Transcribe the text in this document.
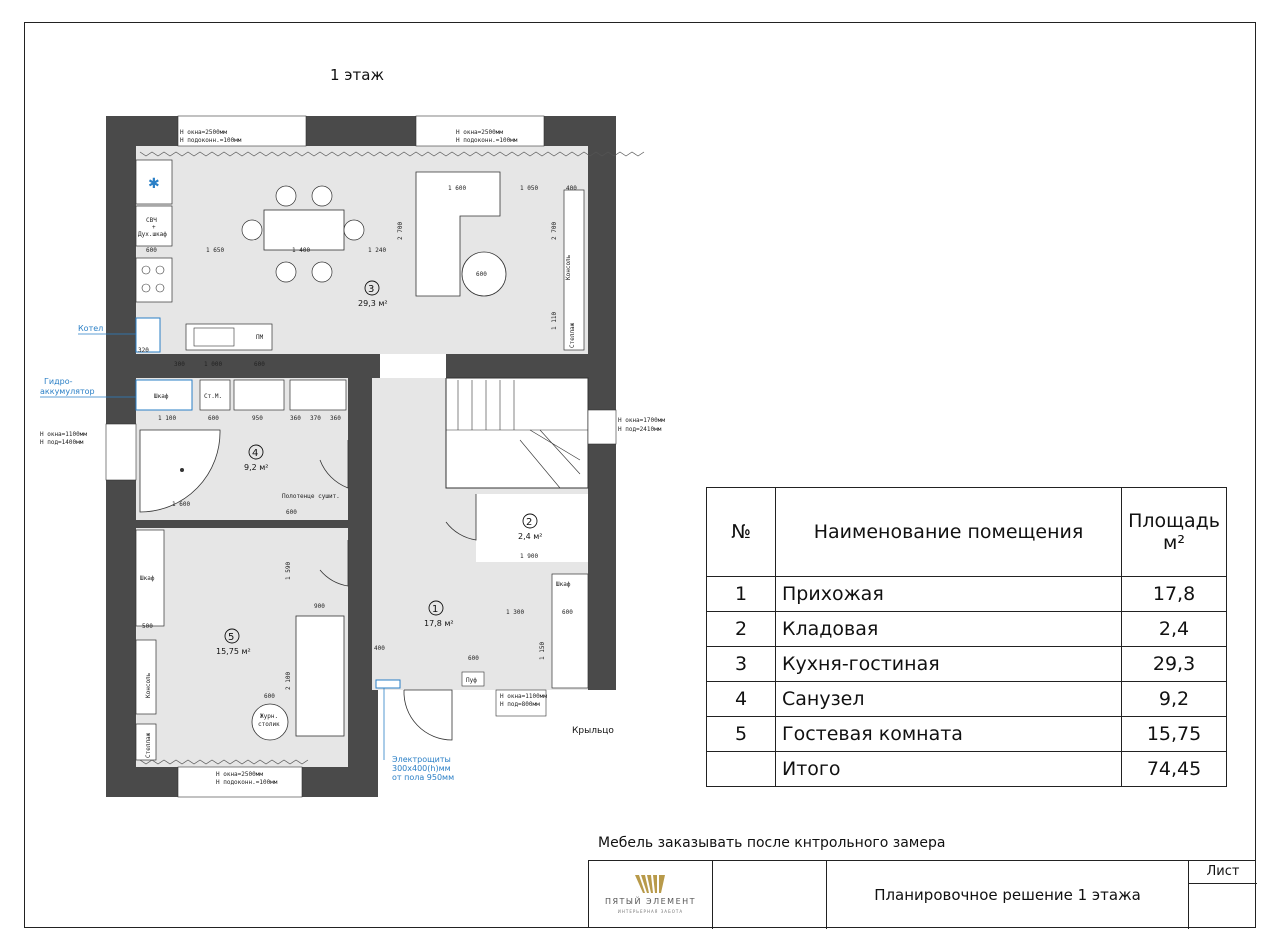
1 этаж
Н окна=2500мм
Н подоконн.=100мм
Н окна=2500мм
Н подоконн.=100мм
Н окна=2500мм
Н подоконн.=100мм
Н окна=1100мм
Н под=800мм
✱
СВЧ
+
Дух.шкаф
ПМ
600	Консоль
Стеллаж
3
29,3 м²
1 600	1 050	400
1 650	1 400	1 240
600
1 000	600
300
320
2 700	2 700
1 110
Котел
Гидро-
аккумулятор
Шкаф	Ст.М.
1 100	600	950	360 370 360
1 600
Полотенце сушит.
600
Н окна=1100мм
Н под=1400мм
Н окна=1700мм
Н под=2410мм
4
9,2 м²
2
2,4 м²
1 900
1
17,8 м²
Шкаф
600
1 300
Пуф
600	1 150
400
Электрощиты
300х400(h)мм
от пола 950мм
Крыльцо
Шкаф
500
Консоль
Стеллаж
900
Журн.
столик
600
1 590
2 100
5
15,75 м²
№	Наименование помещения	Площадь
м²
1	Прихожая	17,8
2	Кладовая	2,4
3	Кухня-гостиная	29,3
4	Санузел	9,2
5	Гостевая комната	15,75
	Итого	74,45
Мебель заказывать после кнтрольного замера
ПЯТЫЙ ЭЛЕМЕНТ
ИНТЕРЬЕРНАЯ ЗАБОТА
Планировочное решение 1 этажа
Лист
